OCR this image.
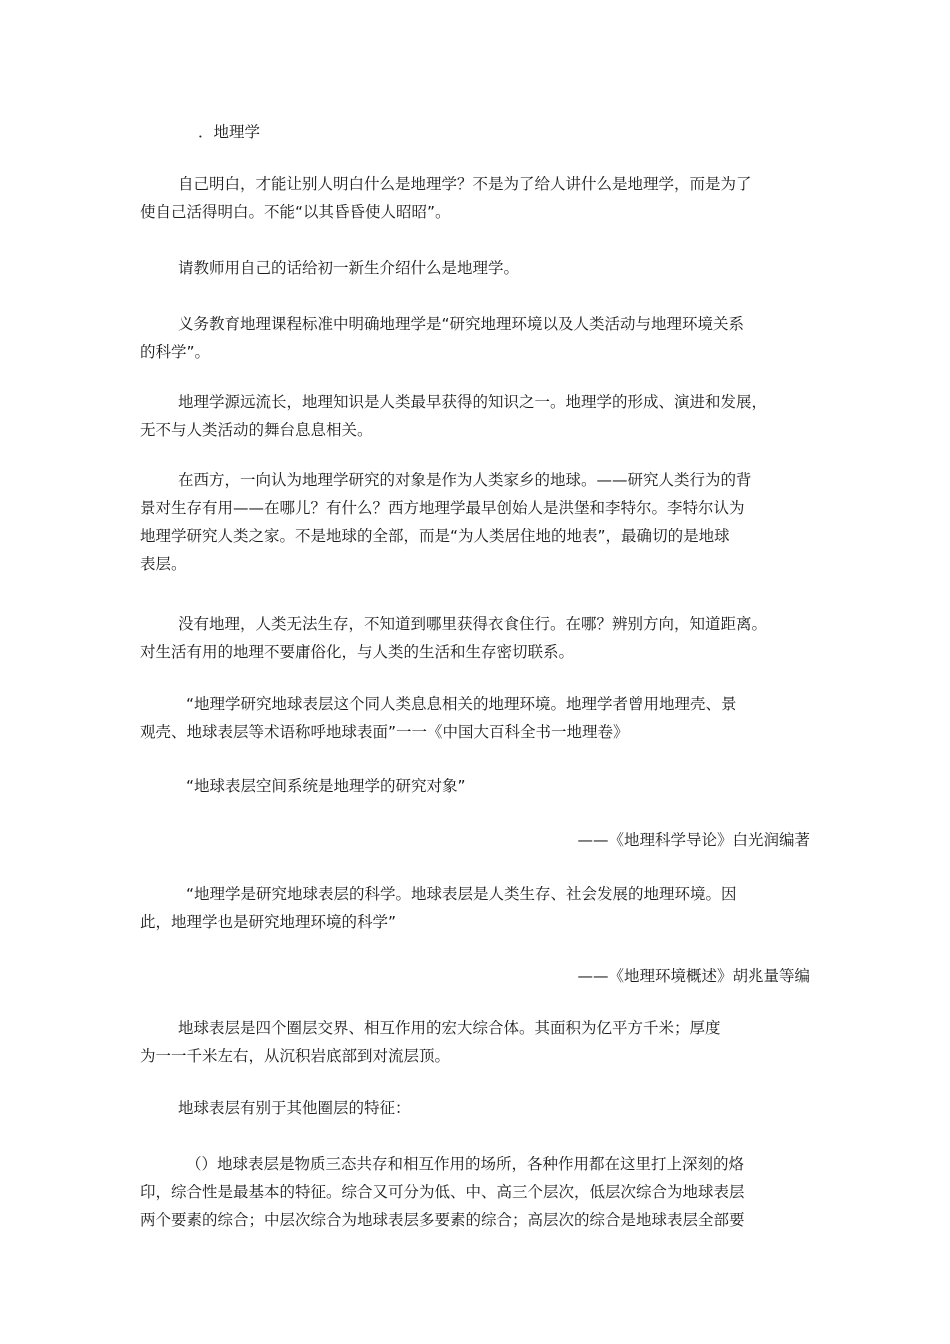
．地理学
自己明白，才能让别人明白什么是地理学？不是为了给人讲什么是地理学，而是为了
使自己活得明白。不能“以其昏昏使人昭昭”。
请教师用自己的话给初一新生介绍什么是地理学。
义务教育地理课程标准中明确地理学是“研究地理环境以及人类活动与地理环境关系
的科学”。
地理学源远流长，地理知识是人类最早获得的知识之一。地理学的形成、演进和发展，
无不与人类活动的舞台息息相关。
在西方，一向认为地理学研究的对象是作为人类家乡的地球。——研究人类行为的背
景对生存有用——在哪儿？有什么？西方地理学最早创始人是洪堡和李特尔。李特尔认为
地理学研究人类之家。不是地球的全部，而是“为人类居住地的地表”，最确切的是地球
表层。
没有地理，人类无法生存，不知道到哪里获得衣食住行。在哪？辨别方向，知道距离。
对生活有用的地理不要庸俗化，与人类的生活和生存密切联系。
“地理学研究地球表层这个同人类息息相关的地理环境。地理学者曾用地理壳、景
观壳、地球表层等术语称呼地球表面”一一《中国大百科全书一地理卷》
“地球表层空间系统是地理学的研究对象”
——《地理科学导论》白光润编著
“地理学是研究地球表层的科学。地球表层是人类生存、社会发展的地理环境。因
此，地理学也是研究地理环境的科学”
——《地理环境概述》胡兆量等编
地球表层是四个圈层交界、相互作用的宏大综合体。其面积为亿平方千米；厚度
为一一千米左右，从沉积岩底部到对流层顶。
地球表层有别于其他圈层的特征：
（）地球表层是物质三态共存和相互作用的场所，各种作用都在这里打上深刻的烙
印，综合性是最基本的特征。综合又可分为低、中、高三个层次，低层次综合为地球表层
两个要素的综合；中层次综合为地球表层多要素的综合；高层次的综合是地球表层全部要
